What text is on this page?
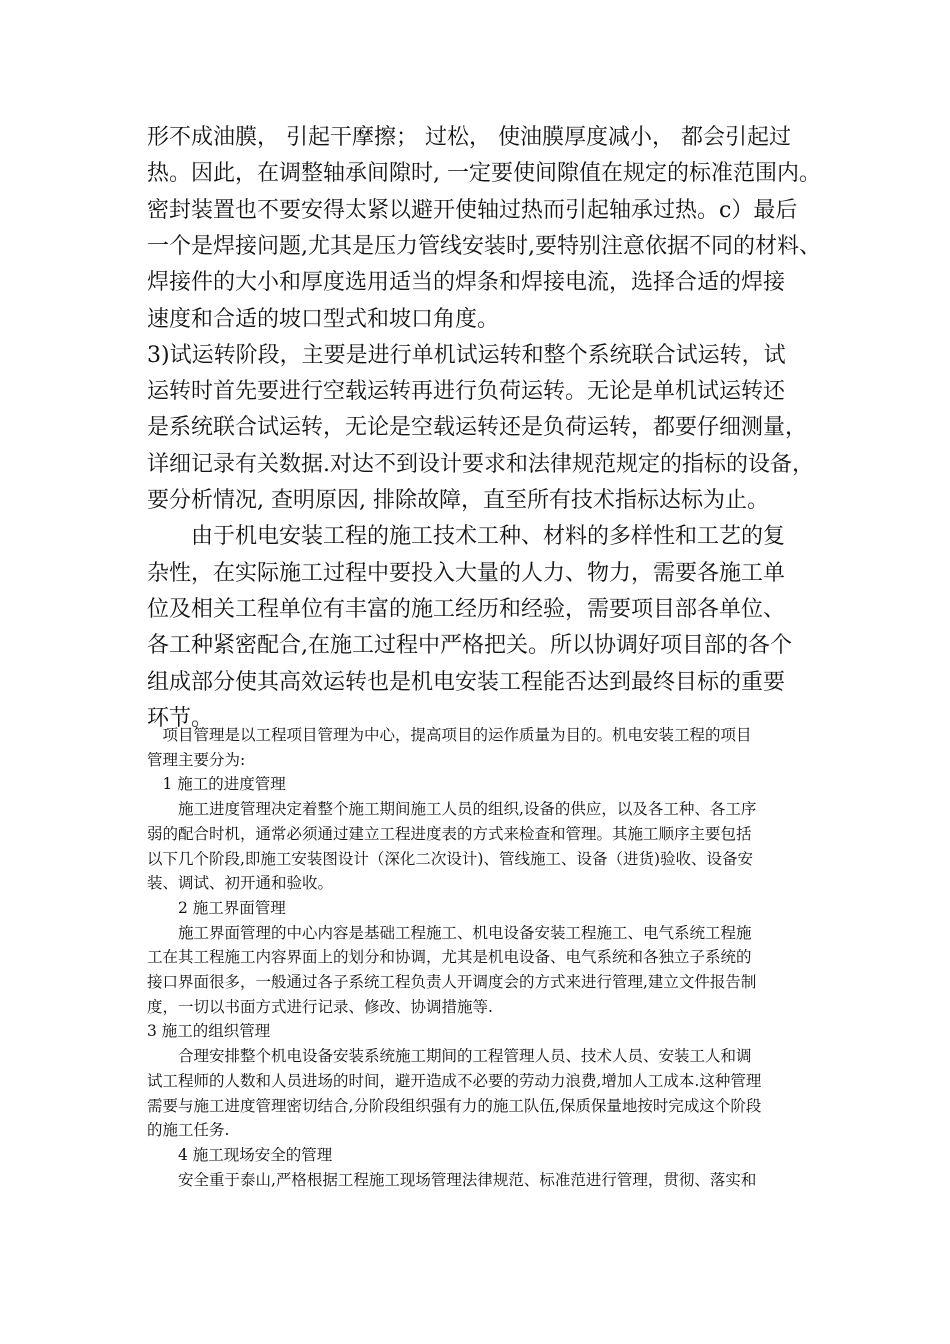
形不成油膜， 引起干摩擦； 过松， 使油膜厚度减小， 都会引起过
热。因此，在调整轴承间隙时, 一定要使间隙值在规定的标准范围内。
密封装置也不要安得太紧以避开使轴过热而引起轴承过热。c）最后
一个是焊接问题,尤其是压力管线安装时,要特别注意依据不同的材料、
焊接件的大小和厚度选用适当的焊条和焊接电流，选择合适的焊接
速度和合适的坡口型式和坡口角度。
3)试运转阶段，主要是进行单机试运转和整个系统联合试运转，试
运转时首先要进行空载运转再进行负荷运转。无论是单机试运转还
是系统联合试运转，无论是空载运转还是负荷运转，都要仔细测量，
详细记录有关数据.对达不到设计要求和法律规范规定的指标的设备，
要分析情况, 查明原因, 排除故障，直至所有技术指标达标为止。
　　由于机电安装工程的施工技术工种、材料的多样性和工艺的复
杂性，在实际施工过程中要投入大量的人力、物力，需要各施工单
位及相关工程单位有丰富的施工经历和经验，需要项目部各单位、
各工种紧密配合,在施工过程中严格把关。所以协调好项目部的各个
组成部分使其高效运转也是机电安装工程能否达到最终目标的重要
环节。
　项目管理是以工程项目管理为中心，提高项目的运作质量为目的。机电安装工程的项目
管理主要分为:
　1 施工的进度管理
　　施工进度管理决定着整个施工期间施工人员的组织,设备的供应，以及各工种、各工序
弱的配合时机，通常必须通过建立工程进度表的方式来检查和管理。其施工顺序主要包括
以下几个阶段,即施工安装图设计（深化二次设计)、管线施工、设备（进货)验收、设备安
装、调试、初开通和验收。
　　2 施工界面管理
　　施工界面管理的中心内容是基础工程施工、机电设备安装工程施工、电气系统工程施
工在其工程施工内容界面上的划分和协调，尤其是机电设备、电气系统和各独立子系统的
接口界面很多，一般通过各子系统工程负责人开调度会的方式来进行管理,建立文件报告制
度，一切以书面方式进行记录、修改、协调措施等.
3 施工的组织管理
　　合理安排整个机电设备安装系统施工期间的工程管理人员、技术人员、安装工人和调
试工程师的人数和人员进场的时间，避开造成不必要的劳动力浪费,增加人工成本.这种管理
需要与施工进度管理密切结合,分阶段组织强有力的施工队伍,保质保量地按时完成这个阶段
的施工任务.
　　4 施工现场安全的管理
　　安全重于泰山,严格根据工程施工现场管理法律规范、标准范进行管理，贯彻、落实和
